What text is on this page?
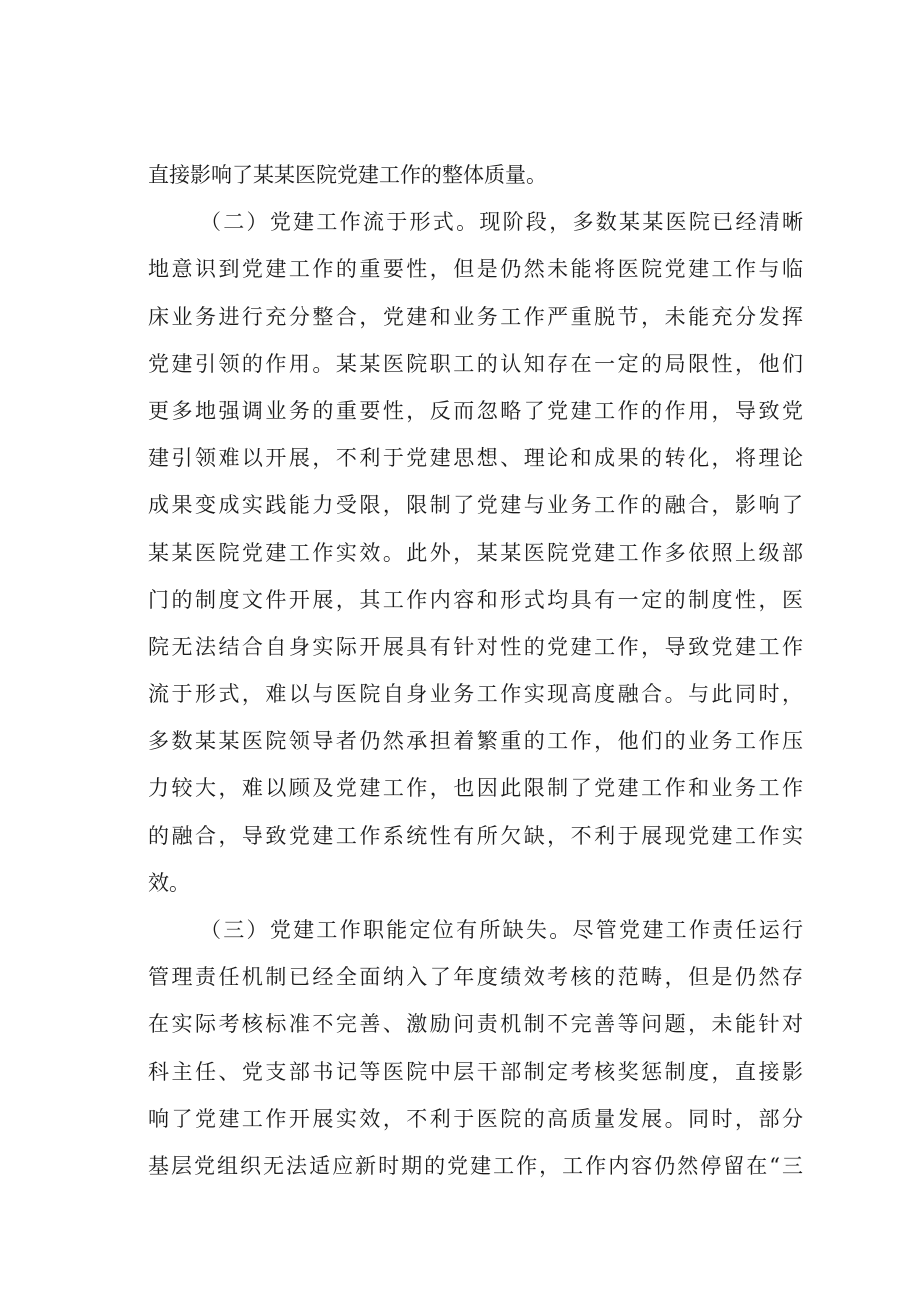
直接影响了某某医院党建工作的整体质量。
（二）党建工作流于形式。现阶段，多数某某医院已经清晰
地意识到党建工作的重要性，但是仍然未能将医院党建工作与临
床业务进行充分整合，党建和业务工作严重脱节，未能充分发挥
党建引领的作用。某某医院职工的认知存在一定的局限性，他们
更多地强调业务的重要性，反而忽略了党建工作的作用，导致党
建引领难以开展，不利于党建思想、理论和成果的转化，将理论
成果变成实践能力受限，限制了党建与业务工作的融合，影响了
某某医院党建工作实效。此外，某某医院党建工作多依照上级部
门的制度文件开展，其工作内容和形式均具有一定的制度性，医
院无法结合自身实际开展具有针对性的党建工作，导致党建工作
流于形式，难以与医院自身业务工作实现高度融合。与此同时，
多数某某医院领导者仍然承担着繁重的工作，他们的业务工作压
力较大，难以顾及党建工作，也因此限制了党建工作和业务工作
的融合，导致党建工作系统性有所欠缺，不利于展现党建工作实
效。
（三）党建工作职能定位有所缺失。尽管党建工作责任运行
管理责任机制已经全面纳入了年度绩效考核的范畴，但是仍然存
在实际考核标准不完善、激励问责机制不完善等问题，未能针对
科主任、党支部书记等医院中层干部制定考核奖惩制度，直接影
响了党建工作开展实效，不利于医院的高质量发展。同时，部分
基层党组织无法适应新时期的党建工作，工作内容仍然停留在“三
